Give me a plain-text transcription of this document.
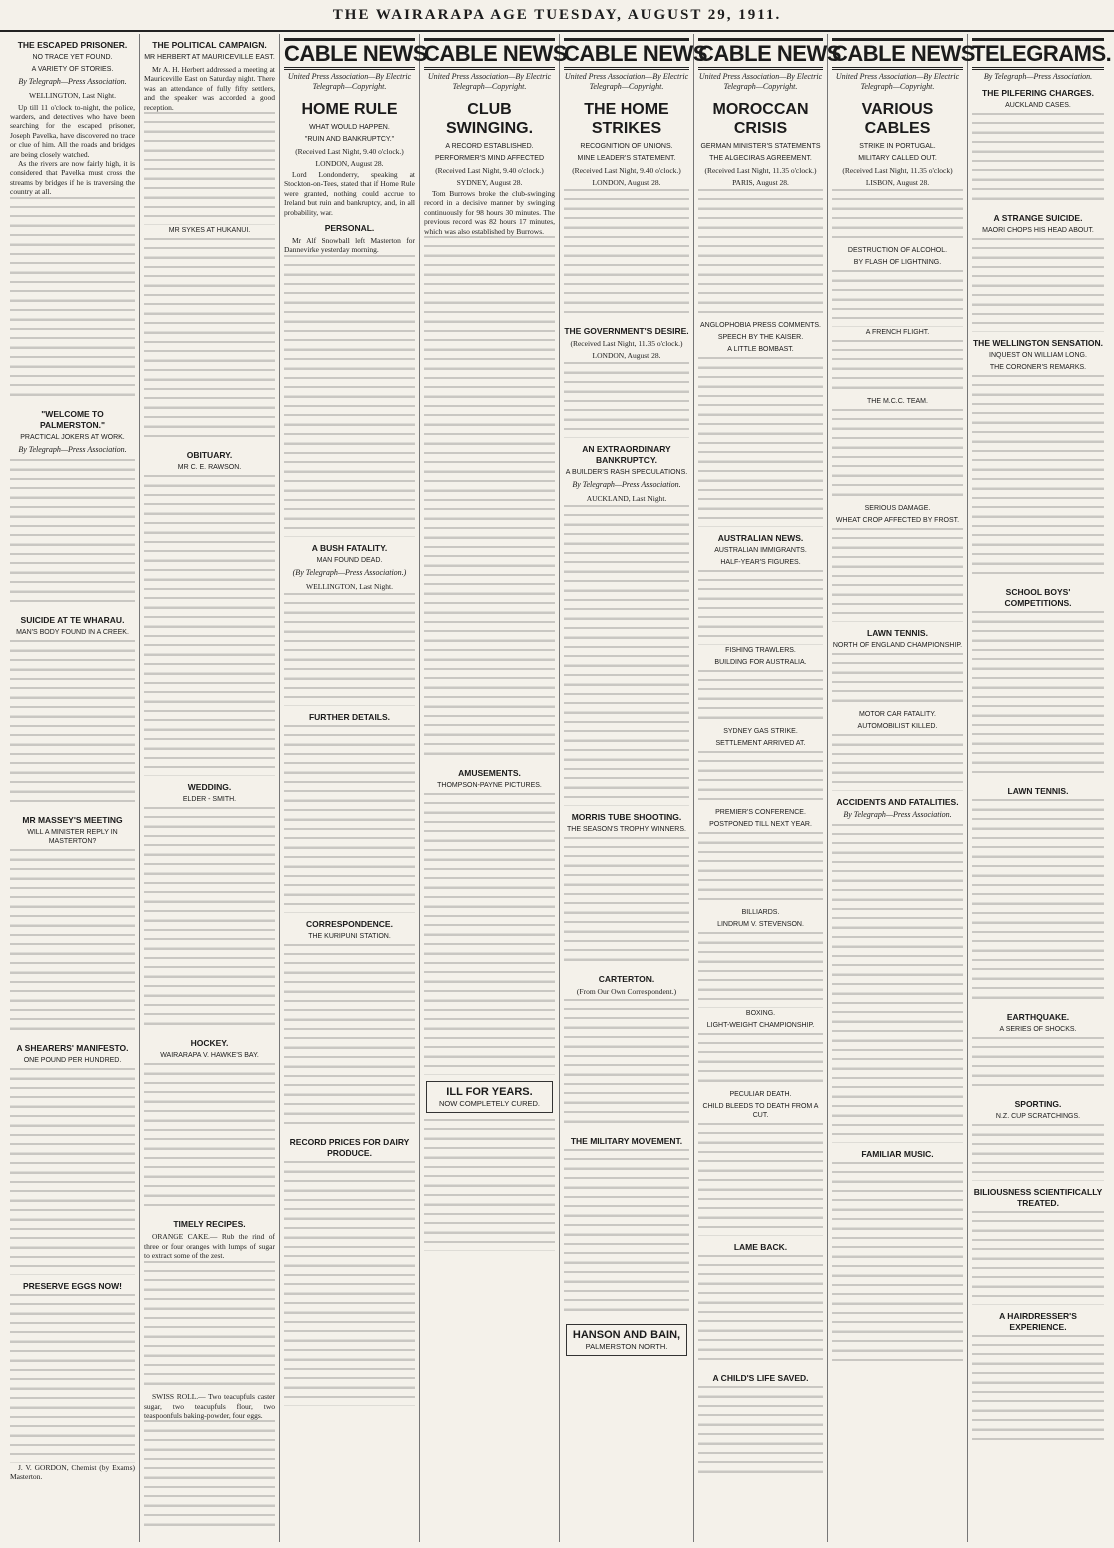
THE WAIRARAPA AGE TUESDAY, AUGUST 29, 1911.
THE ESCAPED PRISONER.
NO TRACE YET FOUND.
A VARIETY OF STORIES.
By Telegraph—Press Association.
WELLINGTON, Last Night.
Up till 11 o'clock to-night, the police, warders, and detectives who have been searching for the escaped prisoner, Joseph Pavelka, have discovered no trace or clue of him. All the roads and bridges are being closely watched.
As the rivers are now fairly high, it is considered that Pavelka must cross the streams by bridges if he is traversing the country at all.
"WELCOME TO PALMERSTON."
PRACTICAL JOKERS AT WORK.
By Telegraph—Press Association.
SUICIDE AT TE WHARAU.
MAN'S BODY FOUND IN A CREEK.
MR MASSEY'S MEETING
WILL A MINISTER REPLY IN MASTERTON?
A SHEARERS' MANIFESTO.
ONE POUND PER HUNDRED.
PRESERVE EGGS NOW!
J. V. GORDON, Chemist (by Exams) Masterton.
THE POLITICAL CAMPAIGN.
MR HERBERT AT MAURICEVILLE EAST.
Mr A. H. Herbert addressed a meeting at Mauriceville East on Saturday night. There was an attendance of fully fifty settlers, and the speaker was accorded a good reception.
MR SYKES AT HUKANUI.
OBITUARY.
MR C. E. RAWSON.
WEDDING.
ELDER - SMITH.
HOCKEY.
WAIRARAPA V. HAWKE'S BAY.
TIMELY RECIPES.
ORANGE CAKE.— Rub the rind of three or four oranges with lumps of sugar to extract some of the zest.
SWISS ROLL.— Two teacupfuls caster sugar, two teacupfuls flour, two teaspoonfuls baking-powder, four eggs.
CABLE NEWS
United Press Association—By Electric Telegraph—Copyright.
HOME RULE
WHAT WOULD HAPPEN.
"RUIN AND BANKRUPTCY."
(Received Last Night, 9.40 o'clock.)
LONDON, August 28.
Lord Londonderry, speaking at Stockton-on-Tees, stated that if Home Rule were granted, nothing could accrue to Ireland but ruin and bankruptcy, and, in all probability, war.
PERSONAL.
Mr Alf Snowball left Masterton for Dannevirke yesterday morning.
A BUSH FATALITY.
MAN FOUND DEAD.
(By Telegraph—Press Association.)
WELLINGTON, Last Night.
FURTHER DETAILS.
CORRESPONDENCE.
THE KURIPUNI STATION.
RECORD PRICES FOR DAIRY PRODUCE.
CABLE NEWS
United Press Association—By Electric Telegraph—Copyright.
CLUB SWINGING.
A RECORD ESTABLISHED.
PERFORMER'S MIND AFFECTED
(Received Last Night, 9.40 o'clock.)
SYDNEY, August 28.
Tom Burrows broke the club-swinging record in a decisive manner by swinging continuously for 98 hours 30 minutes. The previous record was 82 hours 17 minutes, which was also established by Burrows.
AMUSEMENTS.
THOMPSON-PAYNE PICTURES.
ILL FOR YEARS.
NOW COMPLETELY CURED.
CABLE NEWS
United Press Association—By Electric Telegraph—Copyright.
THE HOME STRIKES
RECOGNITION OF UNIONS.
MINE LEADER'S STATEMENT.
(Received Last Night, 9.40 o'clock.)
LONDON, August 28.
THE GOVERNMENT'S DESIRE.
(Received Last Night, 11.35 o'clock.)
LONDON, August 28.
AN EXTRAORDINARY BANKRUPTCY.
A BUILDER'S RASH SPECULATIONS.
By Telegraph—Press Association.
AUCKLAND, Last Night.
MORRIS TUBE SHOOTING.
THE SEASON'S TROPHY WINNERS.
CARTERTON.
(From Our Own Correspondent.)
THE MILITARY MOVEMENT.
HANSON AND BAIN,
PALMERSTON NORTH.
CABLE NEWS
United Press Association—By Electric Telegraph—Copyright.
MOROCCAN CRISIS
GERMAN MINISTER'S STATEMENTS
THE ALGECIRAS AGREEMENT.
(Received Last Night, 11.35 o'clock.)
PARIS, August 28.
ANGLOPHOBIA PRESS COMMENTS.
SPEECH BY THE KAISER.
A LITTLE BOMBAST.
AUSTRALIAN NEWS.
AUSTRALIAN IMMIGRANTS.
HALF-YEAR'S FIGURES.
FISHING TRAWLERS.
BUILDING FOR AUSTRALIA.
SYDNEY GAS STRIKE.
SETTLEMENT ARRIVED AT.
PREMIER'S CONFERENCE.
POSTPONED TILL NEXT YEAR.
BILLIARDS.
LINDRUM V. STEVENSON.
BOXING.
LIGHT-WEIGHT CHAMPIONSHIP.
PECULIAR DEATH.
CHILD BLEEDS TO DEATH FROM A CUT.
LAME BACK.
A CHILD'S LIFE SAVED.
CABLE NEWS
United Press Association—By Electric Telegraph—Copyright.
VARIOUS CABLES
STRIKE IN PORTUGAL.
MILITARY CALLED OUT.
(Received Last Night, 11.35 o'clock)
LISBON, August 28.
DESTRUCTION OF ALCOHOL.
BY FLASH OF LIGHTNING.
A FRENCH FLIGHT.
THE M.C.C. TEAM.
SERIOUS DAMAGE.
WHEAT CROP AFFECTED BY FROST.
LAWN TENNIS.
NORTH OF ENGLAND CHAMPIONSHIP.
MOTOR CAR FATALITY.
AUTOMOBILIST KILLED.
ACCIDENTS AND FATALITIES.
By Telegraph—Press Association.
FAMILIAR MUSIC.
TELEGRAMS.
By Telegraph—Press Association.
THE PILFERING CHARGES.
AUCKLAND CASES.
A STRANGE SUICIDE.
MAORI CHOPS HIS HEAD ABOUT.
THE WELLINGTON SENSATION.
INQUEST ON WILLIAM LONG.
THE CORONER'S REMARKS.
SCHOOL BOYS' COMPETITIONS.
LAWN TENNIS.
EARTHQUAKE.
A SERIES OF SHOCKS.
SPORTING.
N.Z. CUP SCRATCHINGS.
BILIOUSNESS SCIENTIFICALLY TREATED.
A HAIRDRESSER'S EXPERIENCE.
